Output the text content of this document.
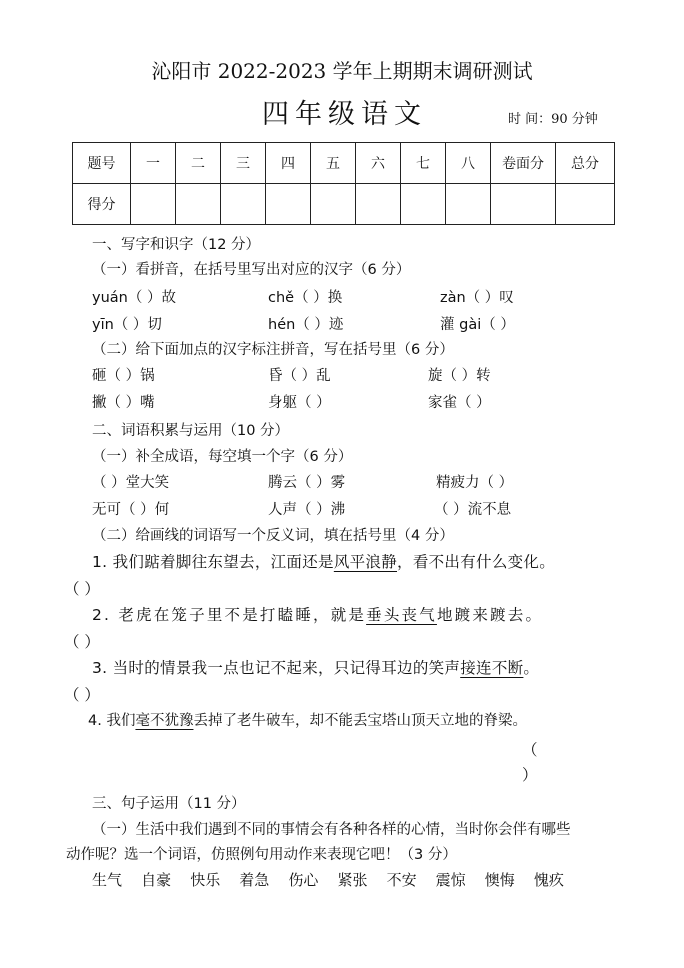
沁阳市 2022-2023 学年上期期末调研测试
四年级语文	时 间：90 分钟
题号	一	二	三	四	五	六	七	八	卷面分	总分
得分										
一、写字和识字（12 分）
（一）看拼音，在括号里写出对应的汉字（6 分）
yuán（ ）故	chě（ ）换	zàn（ ）叹
yīn（ ）切	hén（ ）迹	灌 gài（ ）
（二）给下面加点的汉字标注拼音，写在括号里（6 分）
砸（ ）锅	昏（ ）乱	旋（ ）转
撇（ ）嘴	身躯（ ）	家雀（ ）
二、词语积累与运用（10 分）
（一）补全成语，每空填一个字（6 分）
（ ）堂大笑	腾云（ ）雾	精疲力（ ）
无可（ ）何	人声（ ）沸	（ ）流不息
（二）给画线的词语写一个反义词，填在括号里（4 分）
1. 我们踮着脚往东望去，江面还是风平浪静，看不出有什么变化。
（ ）
2. 老虎在笼子里不是打瞌睡，就是垂头丧气地踱来踱去。
（ ）
3. 当时的情景我一点也记不起来，只记得耳边的笑声接连不断。
（ ）
4. 我们毫不犹豫丢掉了老牛破车，却不能丢宝塔山顶天立地的脊梁。
（
）
三、句子运用（11 分）
（一）生活中我们遇到不同的事情会有各种各样的心情，当时你会伴有哪些
动作呢？选一个词语，仿照例句用动作来表现它吧！（3 分）
生气 自豪 快乐 着急 伤心 紧张 不安 震惊 懊悔 愧疚
